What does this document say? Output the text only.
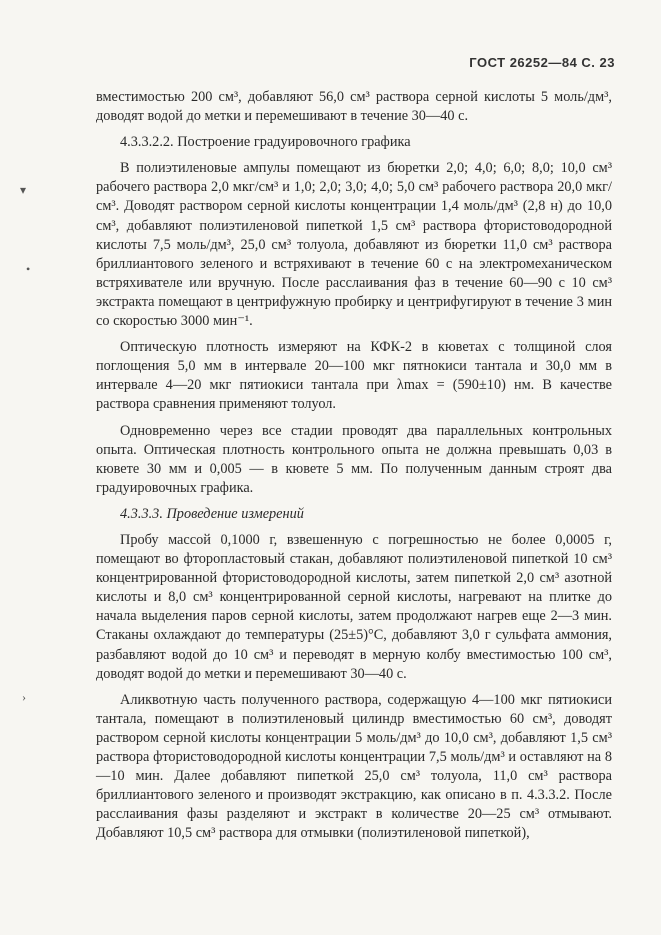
ГОСТ 26252—84 С. 23
▾
•
›

вместимостью 200 см³, добавляют 56,0 см³ раствора серной кислоты 5 моль/дм³, доводят водой до метки и перемешивают в течение 30—40 с.

4.3.3.2.2. Построение градуировочного графика

В полиэтиленовые ампулы помещают из бюретки 2,0; 4,0; 6,0; 8,0; 10,0 см³ рабочего раствора 2,0 мкг/см³ и 1,0; 2,0; 3,0; 4,0; 5,0 см³ рабочего раствора 20,0 мкг/см³. Доводят раствором серной кислоты концентрации 1,4 моль/дм³ (2,8 н) до 10,0 см³, добавляют полиэтиленовой пипеткой 1,5 см³ раствора фтористоводородной кислоты 7,5 моль/дм³, 25,0 см³ толуола, добавляют из бюретки 11,0 см³ раствора бриллиантового зеленого и встряхивают в течение 60 с на электромеханическом встряхивателе или вручную. После расслаивания фаз в течение 60—90 с 10 см³ экстракта помещают в центрифужную пробирку и центрифугируют в течение 3 мин со скоростью 3000 мин⁻¹.

Оптическую плотность измеряют на КФК-2 в кюветах с толщиной слоя поглощения 5,0 мм в интервале 20—100 мкг пятнокиси тантала и 30,0 мм в интервале 4—20 мкг пятиокиси тантала при λmax = (590±10) нм. В качестве раствора сравнения применяют толуол.

Одновременно через все стадии проводят два параллельных контрольных опыта. Оптическая плотность контрольного опыта не должна превышать 0,03 в кювете 30 мм и 0,005 — в кювете 5 мм. По полученным данным строят два градуировочных графика.

4.3.3.3. Проведение измерений

Пробу массой 0,1000 г, взвешенную с погрешностью не более 0,0005 г, помещают во фторопластовый стакан, добавляют полиэтиленовой пипеткой 10 см³ концентрированной фтористоводородной кислоты, затем пипеткой 2,0 см³ азотной кислоты и 8,0 см³ концентрированной серной кислоты, нагревают на плитке до начала выделения паров серной кислоты, затем продолжают нагрев еще 2—3 мин. Стаканы охлаждают до температуры (25±5)°С, добавляют 3,0 г сульфата аммония, разбавляют водой до 10 см³ и переводят в мерную колбу вместимостью 100 см³, доводят водой до метки и перемешивают 30—40 с.

Аликвотную часть полученного раствора, содержащую 4—100 мкг пятиокиси тантала, помещают в полиэтиленовый цилиндр вместимостью 60 см³, доводят раствором серной кислоты концентрации 5 моль/дм³ до 10,0 см³, добавляют 1,5 см³ раствора фтористоводородной кислоты концентрации 7,5 моль/дм³ и оставляют на 8—10 мин. Далее добавляют пипеткой 25,0 см³ толуола, 11,0 см³ раствора бриллиантового зеленого и производят экстракцию, как описано в п. 4.3.3.2. После расслаивания фазы разделяют и экстракт в количестве 20—25 см³ отмывают. Добавляют 10,5 см³ раствора для отмывки (полиэтиленовой пипеткой),
